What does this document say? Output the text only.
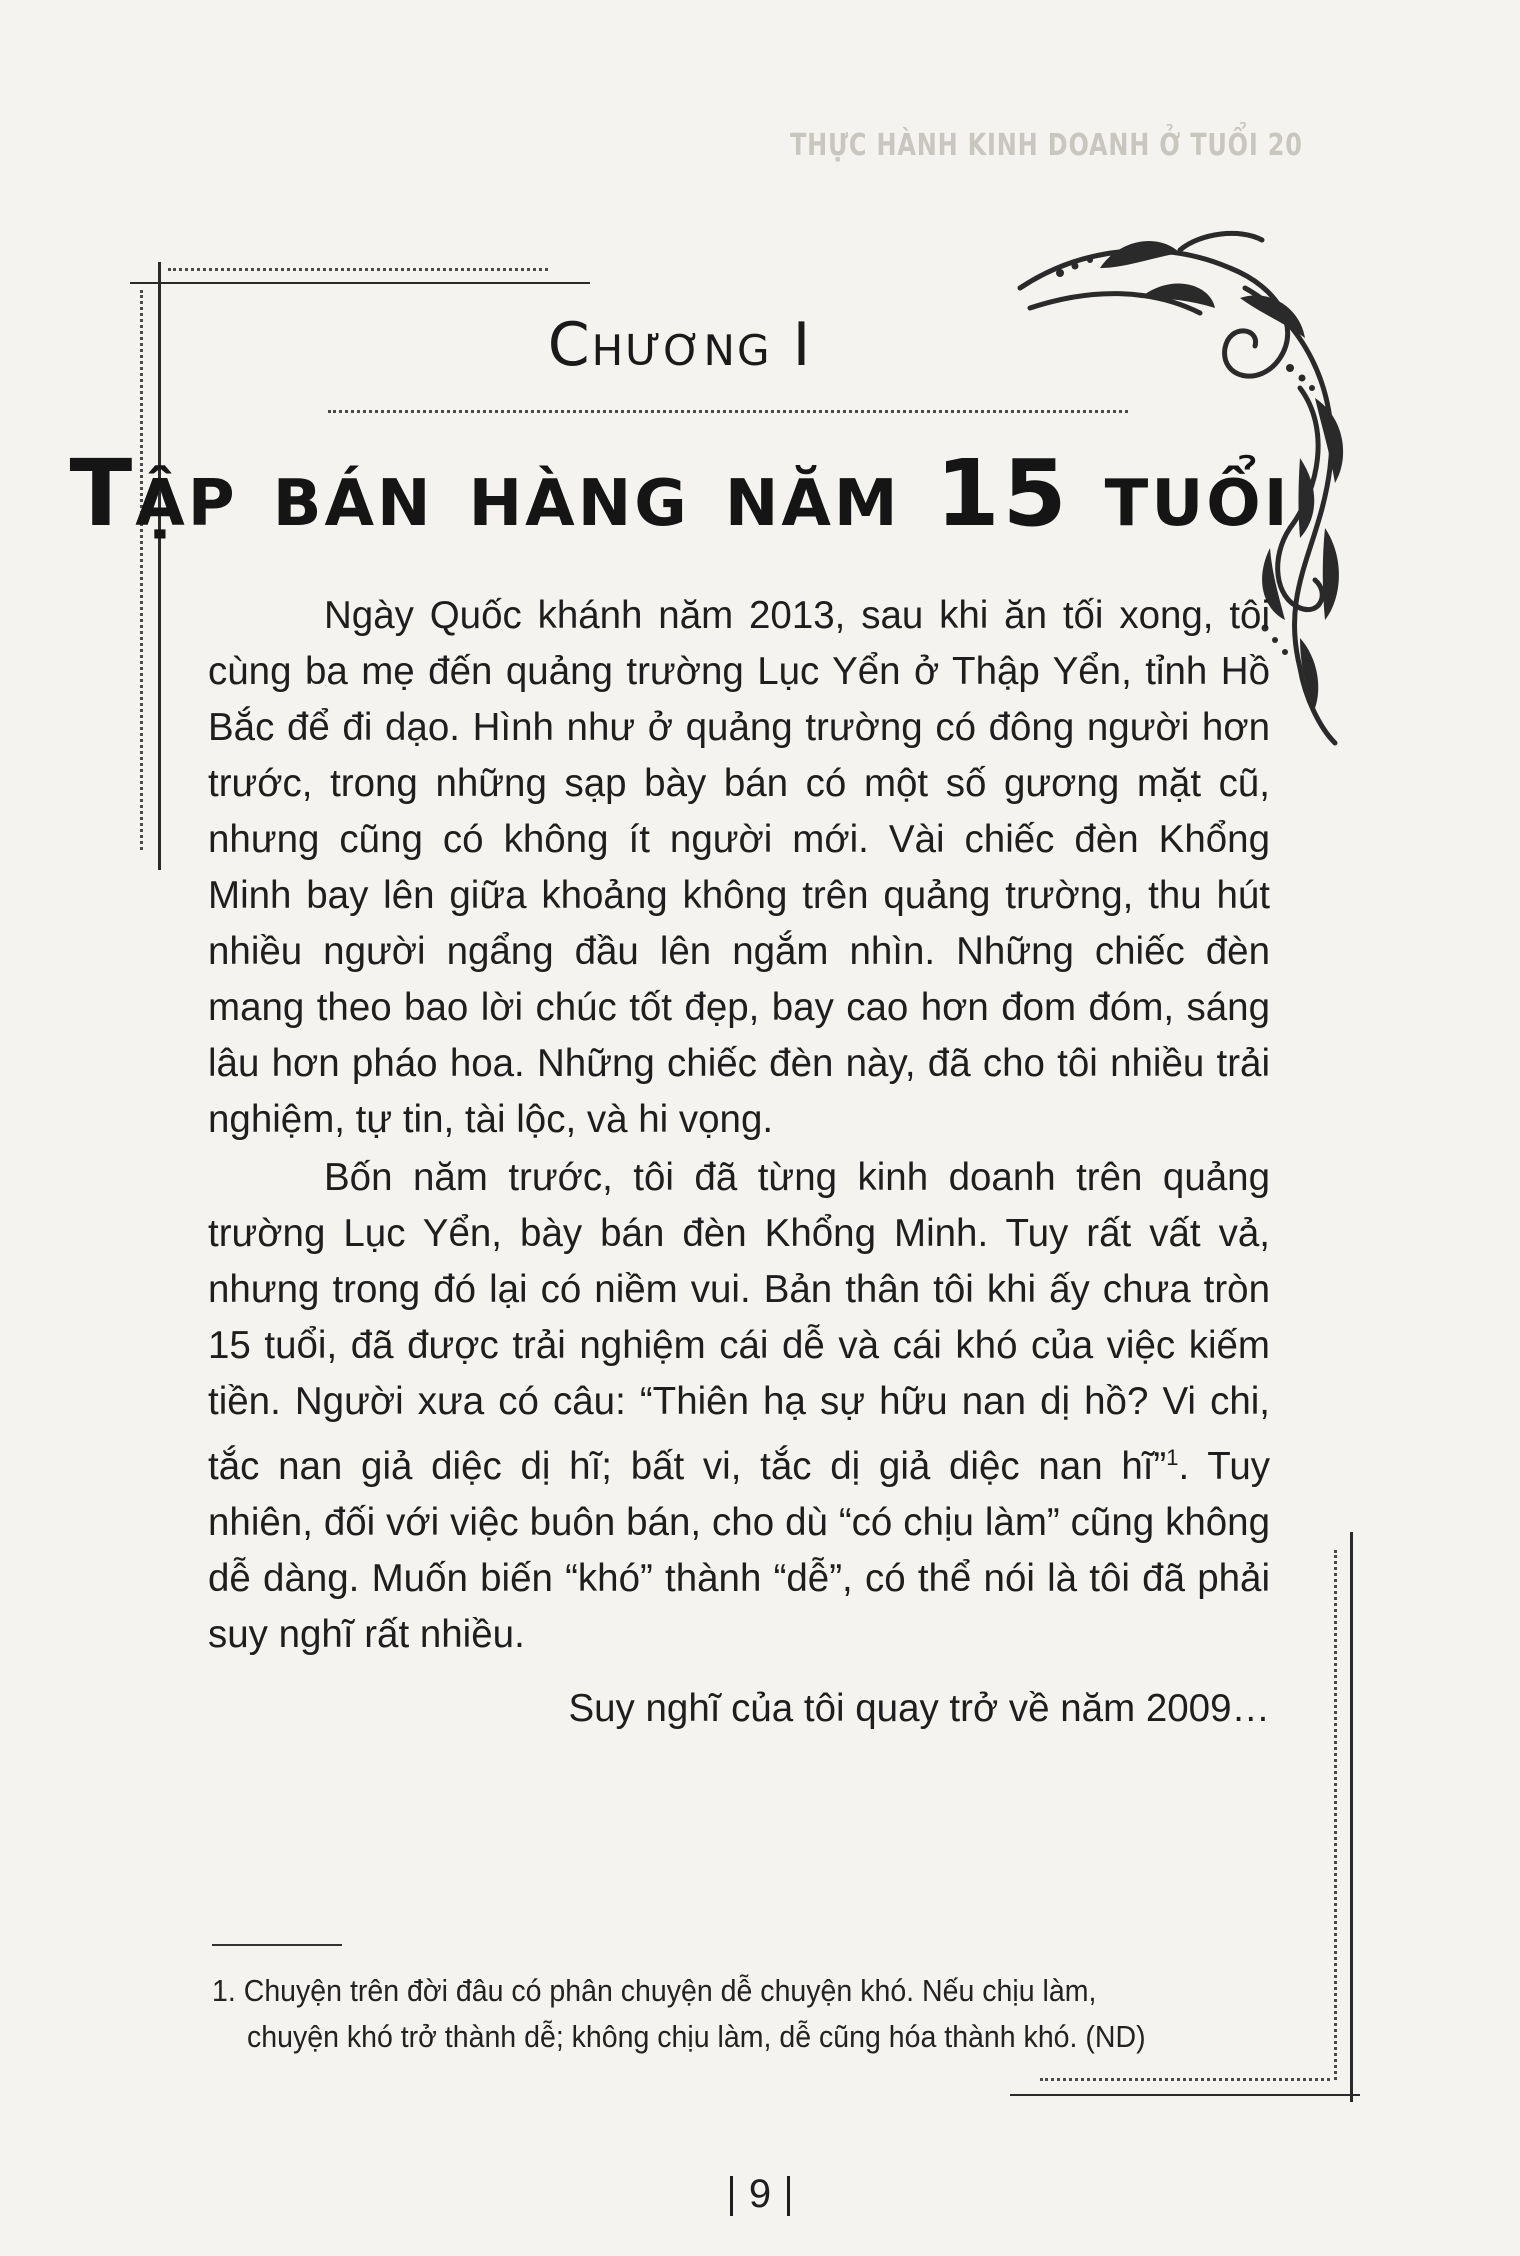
THỰC HÀNH KINH DOANH Ở TUỔI 20
Chương I
Tập bán hàng năm 15 tuổi

Ngày Quốc khánh năm 2013, sau khi ăn tối xong, tôi cùng ba mẹ đến quảng trường Lục Yển ở Thập Yển, tỉnh Hồ Bắc để đi dạo. Hình như ở quảng trường có đông người hơn trước, trong những sạp bày bán có một số gương mặt cũ, nhưng cũng có không ít người mới. Vài chiếc đèn Khổng Minh bay lên giữa khoảng không trên quảng trường, thu hút nhiều người ngẩng đầu lên ngắm nhìn. Những chiếc đèn mang theo bao lời chúc tốt đẹp, bay cao hơn đom đóm, sáng lâu hơn pháo hoa. Những chiếc đèn này, đã cho tôi nhiều trải nghiệm, tự tin, tài lộc, và hi vọng.

Bốn năm trước, tôi đã từng kinh doanh trên quảng trường Lục Yển, bày bán đèn Khổng Minh. Tuy rất vất vả, nhưng trong đó lại có niềm vui. Bản thân tôi khi ấy chưa tròn 15 tuổi, đã được trải nghiệm cái dễ và cái khó của việc kiếm tiền. Người xưa có câu: “Thiên hạ sự hữu nan dị hồ? Vi chi, tắc nan giả diệc dị hĩ; bất vi, tắc dị giả diệc nan hĩ”$^1$. Tuy nhiên, đối với việc buôn bán, cho dù “có chịu làm” cũng không dễ dàng. Muốn biến “khó” thành “dễ”, có thể nói là tôi đã phải suy nghĩ rất nhiều.

Suy nghĩ của tôi quay trở về năm 2009…

1. Chuyện trên đời đâu có phân chuyện dễ chuyện khó. Nếu chịu làm,
chuyện khó trở thành dễ; không chịu làm, dễ cũng hóa thành khó. (ND)
9
